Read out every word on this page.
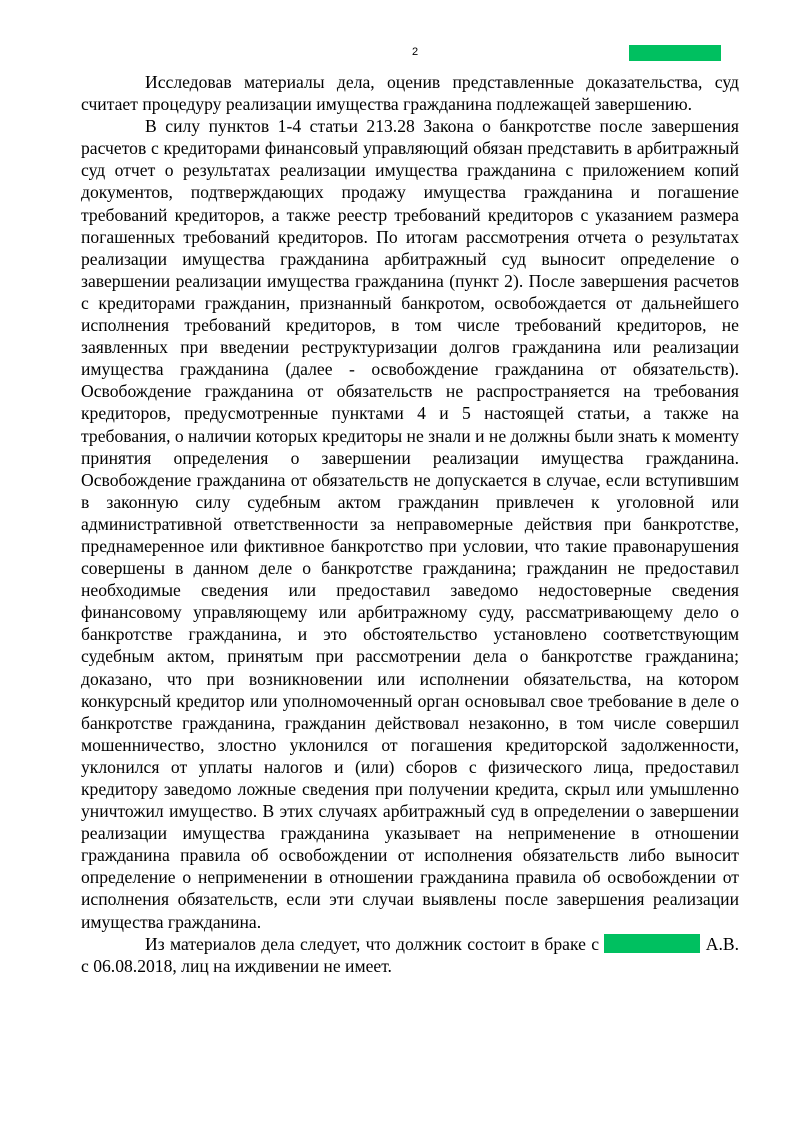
2

Исследовав материалы дела, оценив представленные доказательства, суд считает процедуру реализации имущества гражданина подлежащей завершению.

В силу пунктов 1-4 статьи 213.28 Закона о банкротстве после завершения расчетов с кредиторами финансовый управляющий обязан представить в арбитражный суд отчет о результатах реализации имущества гражданина с приложением копий документов, подтверждающих продажу имущества гражданина и погашение требований кредиторов, а также реестр требований кредиторов с указанием размера погашенных требований кредиторов. По итогам рассмотрения отчета о результатах реализации имущества гражданина арбитражный суд выносит определение о завершении реализации имущества гражданина (пункт 2). После завершения расчетов с кредиторами гражданин, признанный банкротом, освобождается от дальнейшего исполнения требований кредиторов, в том числе требований кредиторов, не заявленных при введении реструктуризации долгов гражданина или реализации имущества гражданина (далее - освобождение гражданина от обязательств). Освобождение гражданина от обязательств не распространяется на требования кредиторов, предусмотренные пунктами 4 и 5 настоящей статьи, а также на требования, о наличии которых кредиторы не знали и не должны были знать к моменту принятия определения о завершении реализации имущества гражданина. Освобождение гражданина от обязательств не допускается в случае, если вступившим в законную силу судебным актом гражданин привлечен к уголовной или административной ответственности за неправомерные действия при банкротстве, преднамеренное или фиктивное банкротство при условии, что такие правонарушения совершены в данном деле о банкротстве гражданина; гражданин не предоставил необходимые сведения или предоставил заведомо недостоверные сведения финансовому управляющему или арбитражному суду, рассматривающему дело о банкротстве гражданина, и это обстоятельство установлено соответствующим судебным актом, принятым при рассмотрении дела о банкротстве гражданина; доказано, что при возникновении или исполнении обязательства, на котором конкурсный кредитор или уполномоченный орган основывал свое требование в деле о банкротстве гражданина, гражданин действовал незаконно, в том числе совершил мошенничество, злостно уклонился от погашения кредиторской задолженности, уклонился от уплаты налогов и (или) сборов с физического лица, предоставил кредитору заведомо ложные сведения при получении кредита, скрыл или умышленно уничтожил имущество. В этих случаях арбитражный суд в определении о завершении реализации имущества гражданина указывает на неприменение в отношении гражданина правила об освобождении от исполнения обязательств либо выносит определение о неприменении в отношении гражданина правила об освобождении от исполнения обязательств, если эти случаи выявлены после завершения реализации имущества гражданина.

Из материалов дела следует, что должник состоит в браке с	А.В. с 06.08.2018, лиц на иждивении не имеет.
